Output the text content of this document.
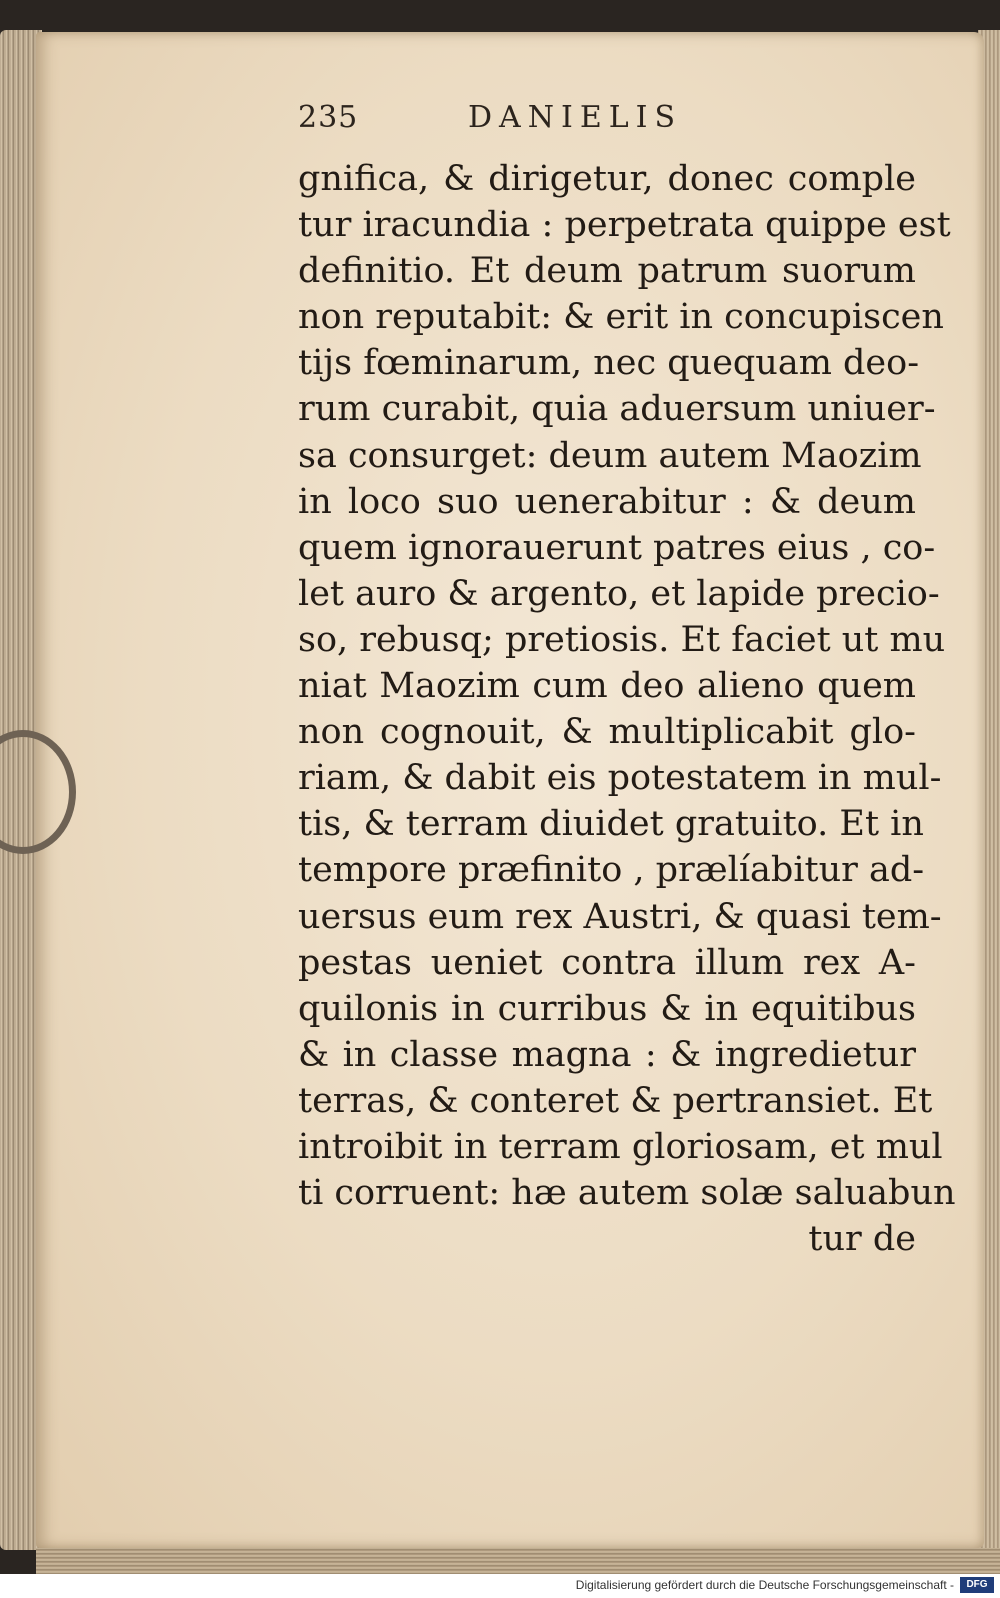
235	DANIELIS
gnifica, & dirigetur, donec comple
tur iracundia : perpetrata quippe est
definitio. Et deum patrum suorum
non reputabit: & erit in concupiscen
tijs fœminarum, nec quequam deo-
rum curabit, quia aduersum uniuer-
sa consurget: deum autem Maozim
in loco suo uenerabitur : & deum
quem ignorauerunt patres eius , co-
let auro & argento, et lapide precio-
so, rebusq; pretiosis. Et faciet ut mu
niat Maozim cum deo alieno quem
non cognouit, & multiplicabit glo-
riam, & dabit eis potestatem in mul-
tis, & terram diuidet gratuito. Et in
tempore præfinito , prælíabitur ad-
uersus eum rex Austri, & quasi tem-
pestas ueniet contra illum rex A-
quilonis in curribus & in equitibus
& in classe magna : & ingredietur
terras, & conteret & pertransiet. Et
introibit in terram gloriosam, et mul
ti corruent: hæ autem solæ saluabun
tur de
Digitalisierung gefördert durch die Deutsche Forschungsgemeinschaft -	DFG
